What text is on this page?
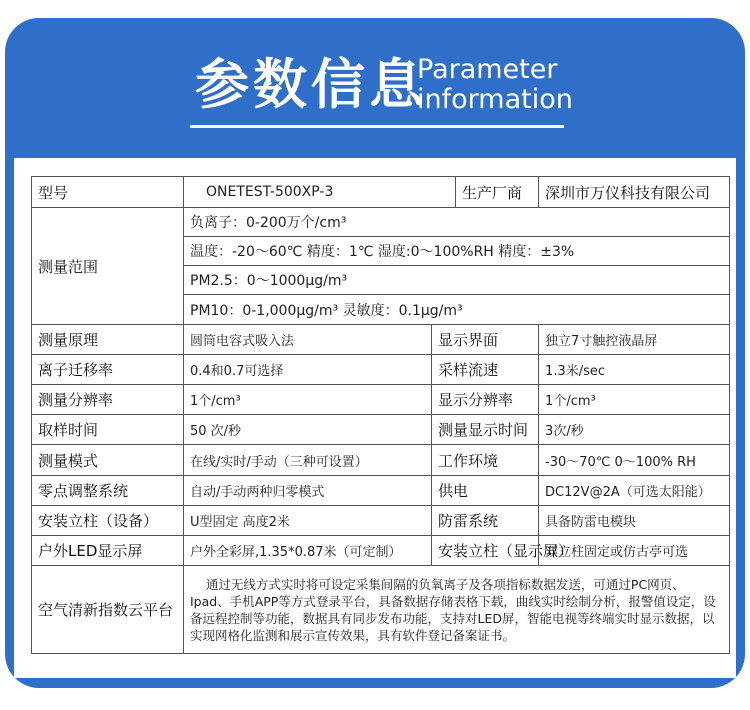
参数信息
Parameter
information
型号	ONETEST-500XP-3		生产厂商	深圳市万仪科技有限公司
测量范围	负离子：0-200万个/cm³			
	温度：-20～60℃ 精度：1℃ 湿度:0～100%RH 精度：±3%			
	PM2.5：0～1000μg/m³			
	PM10：0-1,000μg/m³ 灵敏度：0.1μg/m³			
测量原理	圆筒电容式吸入法	显示界面		独立7寸触控液晶屏
离子迁移率	0.4和0.7可选择	采样流速		1.3米/sec
测量分辨率	1个/cm³	显示分辨率		1个/cm³
取样时间	50 次/秒	测量显示时间		3次/秒
测量模式	在线/实时/手动（三种可设置）	工作环境		-30～70℃ 0～100% RH
零点调整系统	自动/手动两种归零模式	供电		DC12V@2A（可选太阳能）
安装立柱（设备）	U型固定 高度2米	防雷系统		具备防雷电模块
户外LED显示屏	户外全彩屏,1.35*0.87米（可定制）	安装立柱（显示屏）		双立柱固定或仿古亭可选
空气清新指数云平台	通过无线方式实时将可设定采集间隔的负氧离子及各项指标数据发送，可通过PC网页、Ipad、手机APP等方式登录平台，具备数据存储表格下载，曲线实时绘制分析，报警值设定，设备远程控制等功能，数据具有同步发布功能，支持对LED屏，智能电视等终端实时显示数据，以实现网格化监测和展示宣传效果，具有软件登记备案证书。			
